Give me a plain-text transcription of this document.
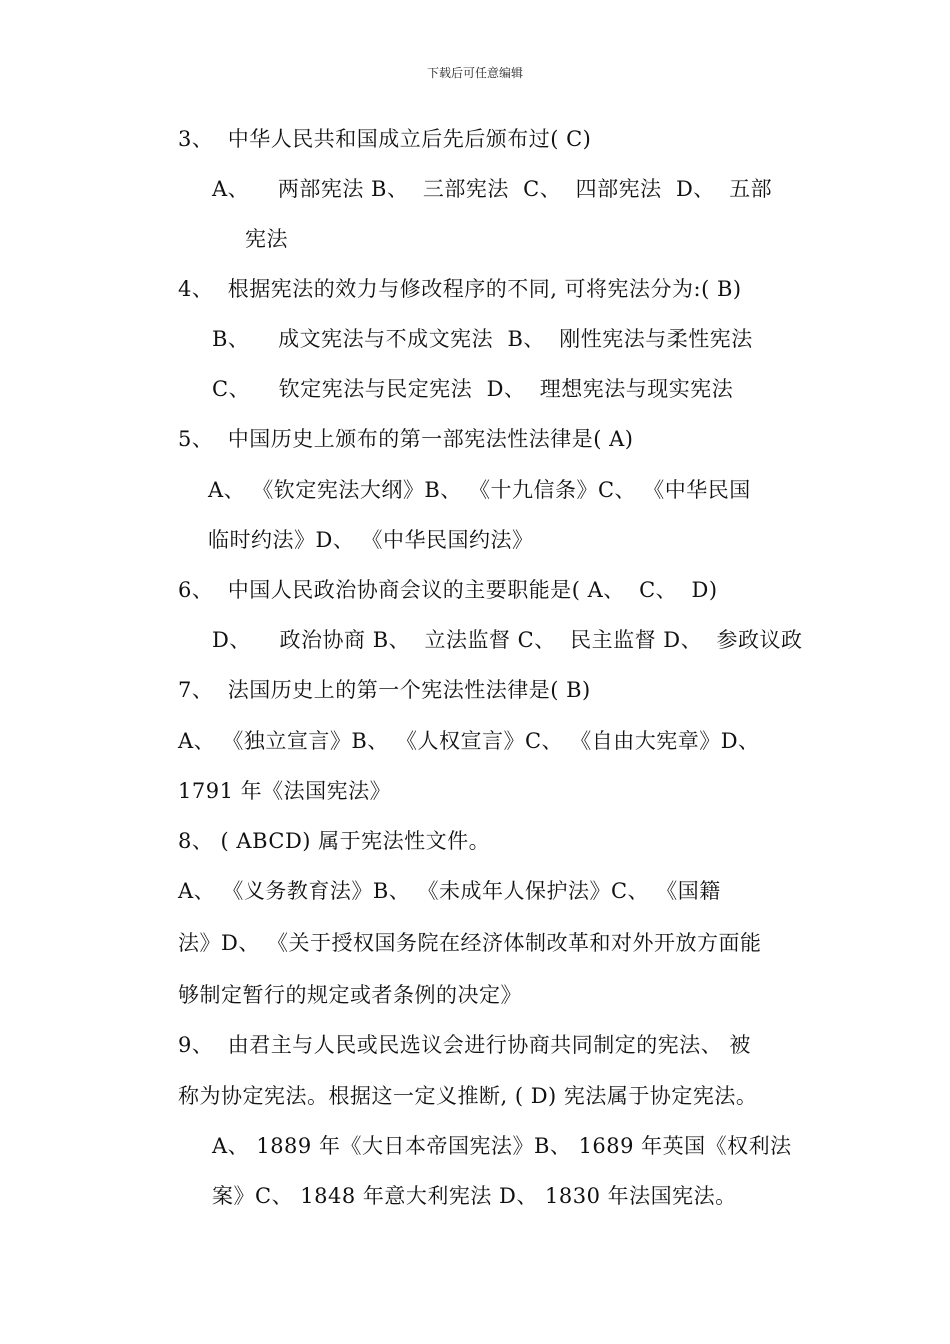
下载后可任意编辑
3、  中华人民共和国成立后先后颁布过( C)
A、    两部宪法 B、  三部宪法  C、  四部宪法  D、  五部
宪法
4、  根据宪法的效力与修改程序的不同, 可将宪法分为:( B)
B、    成文宪法与不成文宪法  B、  刚性宪法与柔性宪法
C、    钦定宪法与民定宪法  D、  理想宪法与现实宪法
5、  中国历史上颁布的第一部宪法性法律是( A)
A、 《钦定宪法大纲》B、 《十九信条》C、 《中华民国
临时约法》D、 《中华民国约法》
6、  中国人民政治协商会议的主要职能是( A、  C、  D)
D、    政治协商 B、  立法监督 C、  民主监督 D、  参政议政
7、  法国历史上的第一个宪法性法律是( B)
A、 《独立宣言》B、 《人权宣言》C、 《自由大宪章》D、
1791 年《法国宪法》
8、 ( ABCD) 属于宪法性文件。
A、 《义务教育法》B、 《未成年人保护法》C、 《国籍
法》D、 《关于授权国务院在经济体制改革和对外开放方面能
够制定暂行的规定或者条例的决定》
9、  由君主与人民或民选议会进行协商共同制定的宪法、 被
称为协定宪法。根据这一定义推断, ( D) 宪法属于协定宪法。
A、 1889 年《大日本帝国宪法》B、 1689 年英国《权利法
案》C、 1848 年意大利宪法 D、 1830 年法国宪法。
